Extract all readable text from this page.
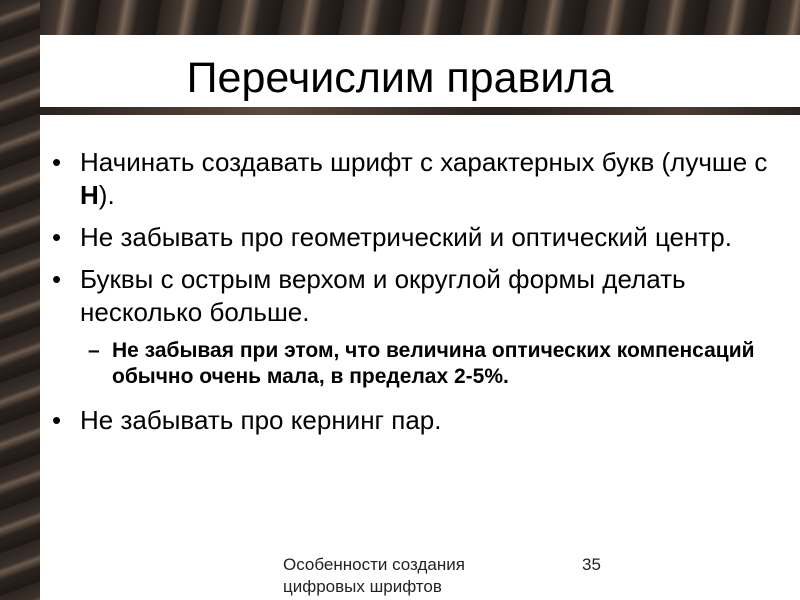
Перечислим правила
• Начинать создавать шрифт с характерных букв (лучше с Н).
• Не забывать про геометрический и оптический центр.
• Буквы с острым верхом и округлой формы делать несколько больше.
– Не забывая при этом, что величина оптических компенсаций обычно очень мала, в пределах 2-5%.
• Не забывать про кернинг пар.
Особенности создания цифровых шрифтов
35
